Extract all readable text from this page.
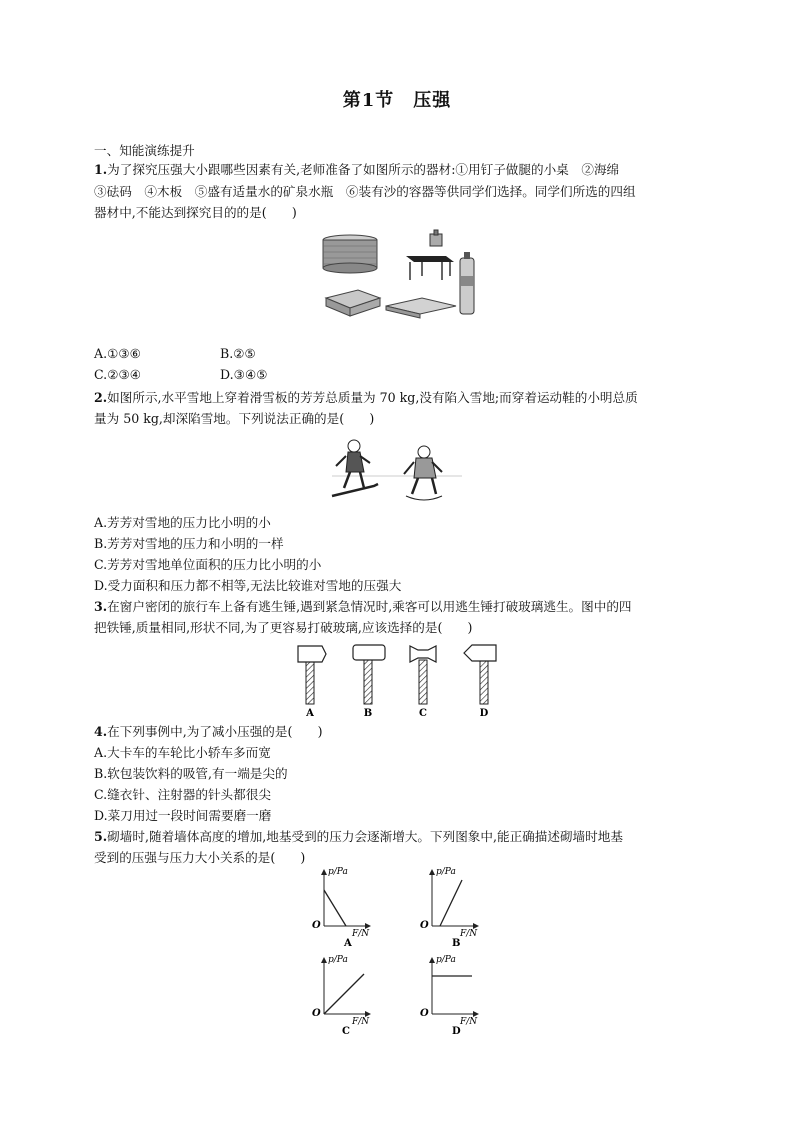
第1节　压强
一、知能演练提升
1.为了探究压强大小跟哪些因素有关,老师准备了如图所示的器材:①用钉子做腿的小桌　②海绵
③砝码　④木板　⑤盛有适量水的矿泉水瓶　⑥装有沙的容器等供同学们选择。同学们所选的四组
器材中,不能达到探究目的的是(　　)
A.①③⑥	B.②⑤
C.②③④	D.③④⑤
2.如图所示,水平雪地上穿着滑雪板的芳芳总质量为 70 kg,没有陷入雪地;而穿着运动鞋的小明总质
量为 50 kg,却深陷雪地。下列说法正确的是(　　)
A.芳芳对雪地的压力比小明的小
B.芳芳对雪地的压力和小明的一样
C.芳芳对雪地单位面积的压力比小明的小
D.受力面积和压力都不相等,无法比较谁对雪地的压强大
3.在窗户密闭的旅行车上备有逃生锤,遇到紧急情况时,乘客可以用逃生锤打破玻璃逃生。图中的四
把铁锤,质量相同,形状不同,为了更容易打破玻璃,应该选择的是(　　)
A	B	C	D
4.在下列事例中,为了减小压强的是(　　)
A.大卡车的车轮比小轿车多而宽
B.软包装饮料的吸管,有一端是尖的
C.缝衣针、注射器的针头都很尖
D.菜刀用过一段时间需要磨一磨
5.砌墙时,随着墙体高度的增加,地基受到的压力会逐渐增大。下列图象中,能正确描述砌墙时地基
受到的压强与压力大小关系的是(　　)
p/Pa
F/N
O
A
p/Pa
F/N
O
B
p/Pa
F/N
O
C
p/Pa
F/N
O
D
